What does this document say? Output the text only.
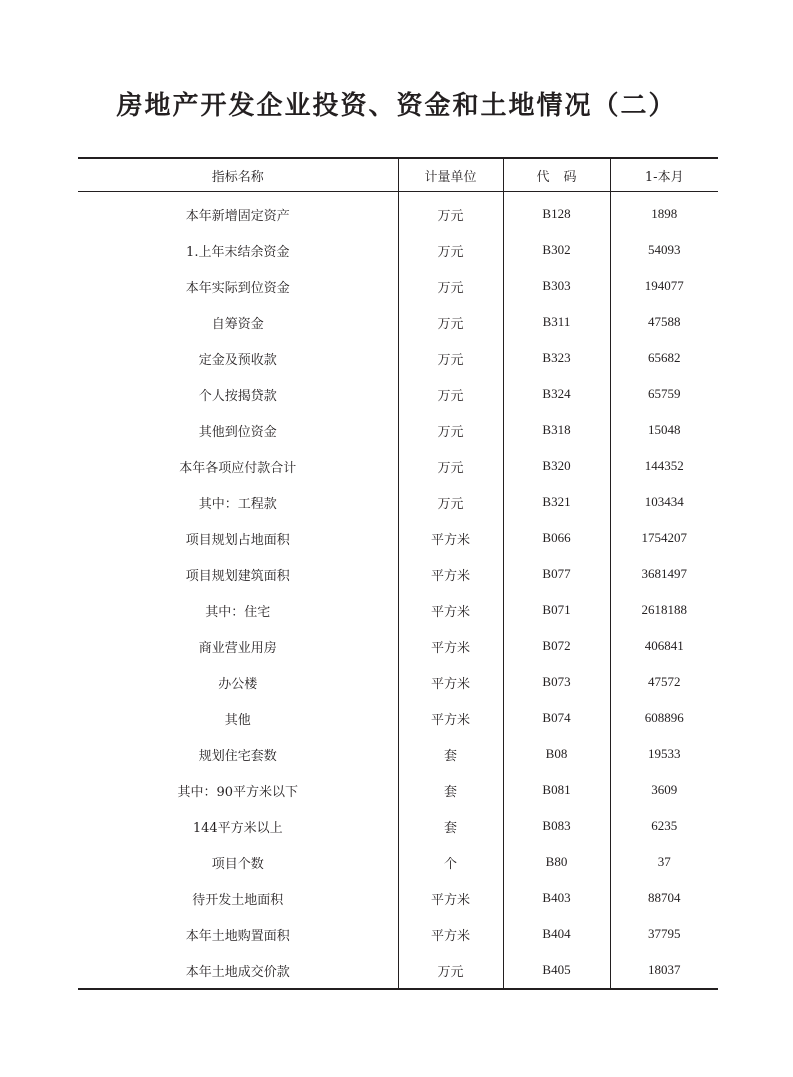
房地产开发企业投资、资金和土地情况（二）
指标名称	计量单位	代码	1-本月
本年新增固定资产	万元	B128	1898
1.上年末结余资金	万元	B302	54093
本年实际到位资金	万元	B303	194077
自筹资金	万元	B311	47588
定金及预收款	万元	B323	65682
个人按揭贷款	万元	B324	65759
其他到位资金	万元	B318	15048
本年各项应付款合计	万元	B320	144352
其中：工程款	万元	B321	103434
项目规划占地面积	平方米	B066	1754207
项目规划建筑面积	平方米	B077	3681497
其中：住宅	平方米	B071	2618188
商业营业用房	平方米	B072	406841
办公楼	平方米	B073	47572
其他	平方米	B074	608896
规划住宅套数	套	B08	19533
其中：90平方米以下	套	B081	3609
144平方米以上	套	B083	6235
项目个数	个	B80	37
待开发土地面积	平方米	B403	88704
本年土地购置面积	平方米	B404	37795
本年土地成交价款	万元	B405	18037
